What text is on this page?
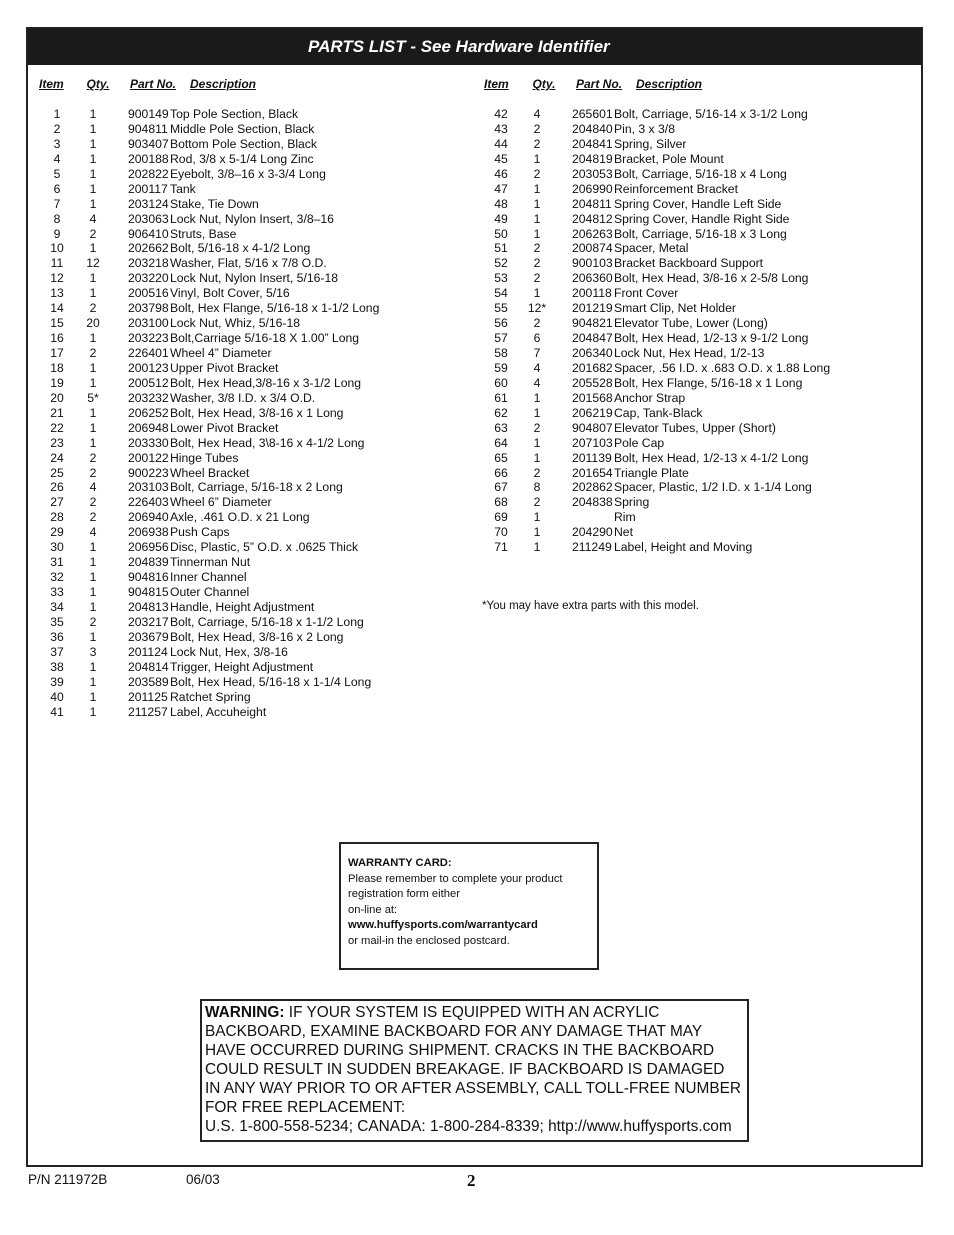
PARTS LIST - See Hardware Identifier
Item	Qty.	Part No.	Description
1	1	900149 Top Pole Section, Black
2	1	904811 Middle Pole Section, Black
3	1	903407 Bottom Pole Section, Black
4	1	200188 Rod, 3/8 x 5-1/4 Long Zinc
5	1	202822 Eyebolt, 3/8–16 x 3-3/4 Long
6	1	200117 Tank
7	1	203124 Stake, Tie Down
8	4	203063 Lock Nut, Nylon Insert, 3/8–16
9	2	906410 Struts, Base
10	1	202662 Bolt, 5/16-18 x 4-1/2 Long
11	12	203218 Washer, Flat, 5/16 x 7/8 O.D.
12	1	203220 Lock Nut, Nylon Insert, 5/16-18
13	1	200516 Vinyl, Bolt Cover, 5/16
14	2	203798 Bolt, Hex Flange, 5/16-18 x 1-1/2 Long
15	20	203100 Lock Nut, Whiz, 5/16-18
16	1	203223 Bolt,Carriage 5/16-18 X 1.00” Long
17	2	226401 Wheel 4” Diameter
18	1	200123 Upper Pivot Bracket
19	1	200512 Bolt, Hex Head,3/8-16 x 3-1/2 Long
20	5*	203232 Washer, 3/8 I.D. x 3/4 O.D.
21	1	206252 Bolt, Hex Head, 3/8-16 x 1 Long
22	1	206948 Lower Pivot Bracket
23	1	203330 Bolt, Hex Head, 3\8-16 x 4-1/2 Long
24	2	200122 Hinge Tubes
25	2	900223 Wheel Bracket
26	4	203103 Bolt, Carriage, 5/16-18 x 2 Long
27	2	226403 Wheel 6” Diameter
28	2	206940 Axle, .461 O.D. x 21 Long
29	4	206938 Push Caps
30	1	206956 Disc, Plastic, 5” O.D. x .0625 Thick
31	1	204839 Tinnerman Nut
32	1	904816 Inner Channel
33	1	904815 Outer Channel
34	1	204813 Handle, Height Adjustment
35	2	203217 Bolt, Carriage, 5/16-18 x 1-1/2 Long
36	1	203679 Bolt, Hex Head, 3/8-16 x 2 Long
37	3	201124 Lock Nut, Hex, 3/8-16
38	1	204814 Trigger, Height Adjustment
39	1	203589 Bolt, Hex Head, 5/16-18 x 1-1/4 Long
40	1	201125 Ratchet Spring
41	1	211257 Label, Accuheight
Item	Qty.	Part No.	Description
42	4	265601 Bolt, Carriage, 5/16-14 x 3-1/2 Long
43	2	204840 Pin, 3 x 3/8
44	2	204841 Spring, Silver
45	1	204819 Bracket, Pole Mount
46	2	203053 Bolt, Carriage, 5/16-18 x 4 Long
47	1	206990 Reinforcement Bracket
48	1	204811 Spring Cover, Handle Left Side
49	1	204812 Spring Cover, Handle Right Side
50	1	206263 Bolt, Carriage, 5/16-18 x 3 Long
51	2	200874 Spacer, Metal
52	2	900103 Bracket Backboard Support
53	2	206360 Bolt, Hex Head, 3/8-16 x 2-5/8 Long
54	1	200118 Front Cover
55	12*	201219 Smart Clip, Net Holder
56	2	904821 Elevator Tube, Lower (Long)
57	6	204847 Bolt, Hex Head, 1/2-13 x 9-1/2 Long
58	7	206340 Lock Nut, Hex Head, 1/2-13
59	4	201682 Spacer, .56 I.D. x .683 O.D. x 1.88 Long
60	4	205528 Bolt, Hex Flange, 5/16-18 x 1 Long
61	1	201568 Anchor Strap
62	1	206219 Cap, Tank-Black
63	2	904807 Elevator Tubes, Upper (Short)
64	1	207103 Pole Cap
65	1	201139 Bolt, Hex Head, 1/2-13 x 4-1/2 Long
66	2	201654 Triangle Plate
67	8	202862 Spacer, Plastic, 1/2 I.D. x 1-1/4 Long
68	2	204838 Spring
69	1	Rim
70	1	204290 Net
71	1	211249 Label, Height and Moving
*You may have extra parts with this model.
WARRANTY CARD:
Please remember to complete your product
registration form either
on-line at:
www.huffysports.com/warrantycard
or mail-in the enclosed postcard.
WARNING: IF YOUR SYSTEM IS EQUIPPED WITH AN ACRYLIC BACKBOARD, EXAMINE BACKBOARD FOR ANY DAMAGE THAT MAY HAVE OCCURRED DURING SHIPMENT. CRACKS IN THE BACKBOARD COULD RESULT IN SUDDEN BREAKAGE. IF BACKBOARD IS DAMAGED IN ANY WAY PRIOR TO OR AFTER ASSEMBLY, CALL TOLL-FREE NUMBER FOR FREE REPLACEMENT:
U.S. 1-800-558-5234; CANADA: 1-800-284-8339; http://www.huffysports.com
P/N 211972B	06/03	2
